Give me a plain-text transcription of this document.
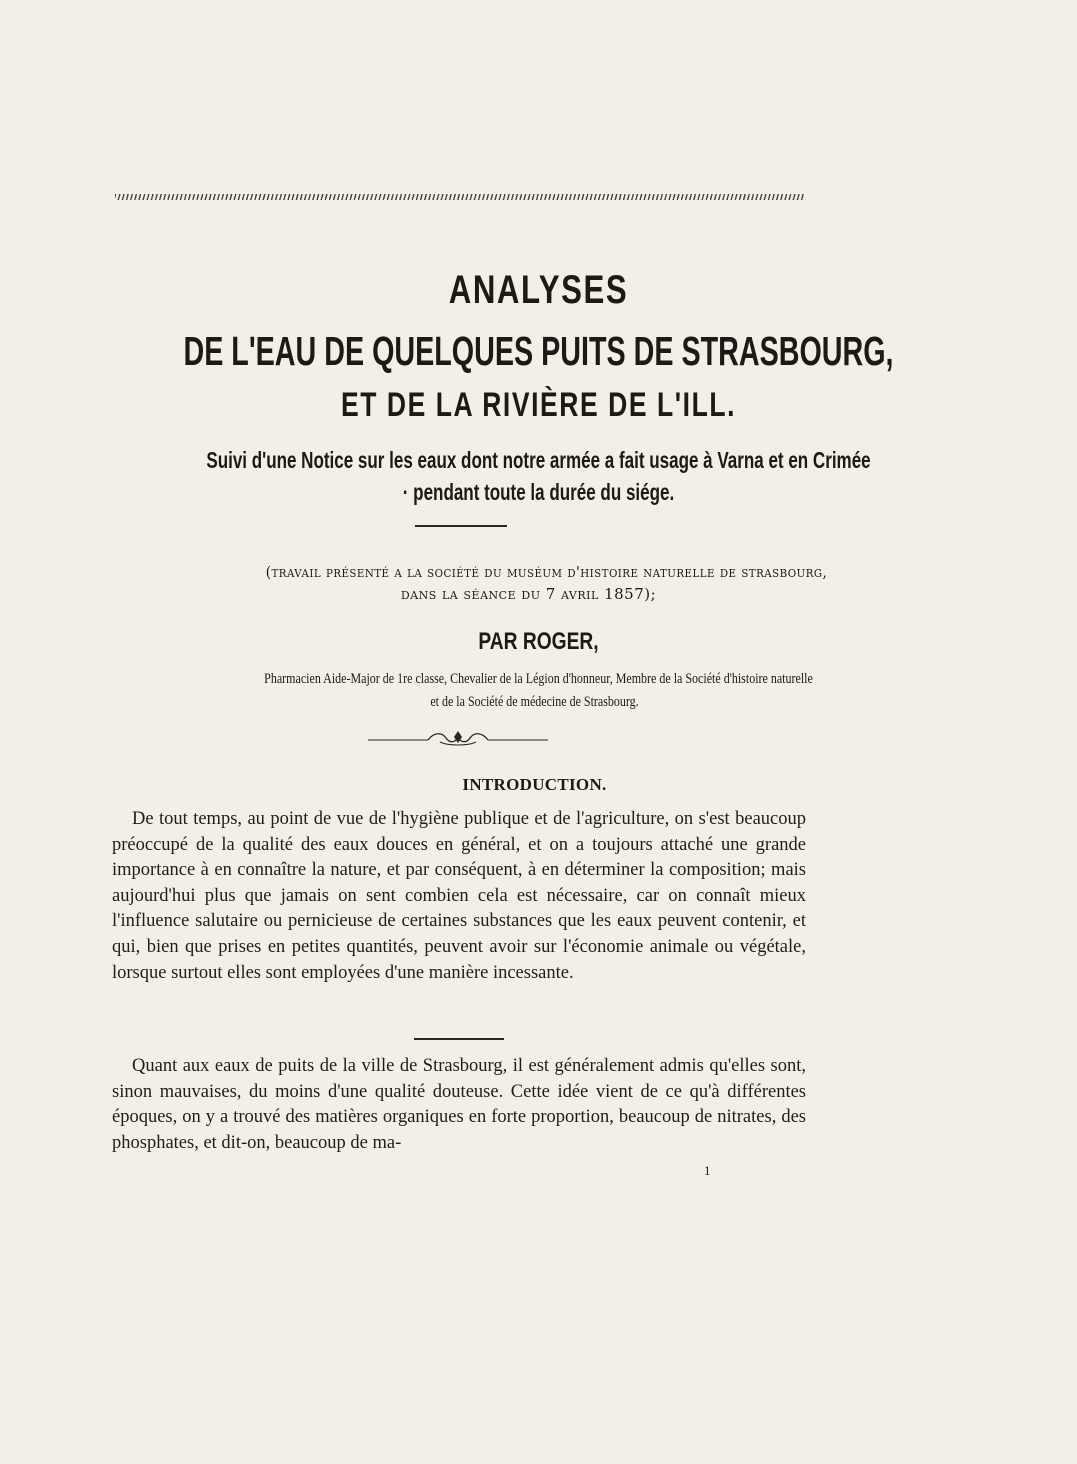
ANALYSES
DE L'EAU DE QUELQUES PUITS DE STRASBOURG,
ET DE LA RIVIÈRE DE L'ILL.
Suivi d'une Notice sur les eaux dont notre armée a fait usage à Varna et en Crimée
· pendant toute la durée du siége.
(travail présenté a la société du muséum d'histoire naturelle de strasbourg,
dans la séance du 7 avril 1857);
PAR ROGER,
Pharmacien Aide-Major de 1re classe, Chevalier de la Légion d'honneur, Membre de la Société d'histoire naturelle
et de la Société de médecine de Strasbourg.
INTRODUCTION.

De tout temps, au point de vue de l'hygiène publique et de l'agriculture, on s'est beaucoup préoccupé de la qualité des eaux douces en général, et on a toujours attaché une grande importance à en connaître la nature, et par conséquent, à en déterminer la composition; mais aujourd'hui plus que jamais on sent combien cela est nécessaire, car on connaît mieux l'influence salutaire ou pernicieuse de certaines substances que les eaux peuvent contenir, et qui, bien que prises en petites quantités, peuvent avoir sur l'économie animale ou végétale, lorsque surtout elles sont employées d'une manière incessante.

Quant aux eaux de puits de la ville de Strasbourg, il est généralement admis qu'elles sont, sinon mauvaises, du moins d'une qualité douteuse. Cette idée vient de ce qu'à différentes époques, on y a trouvé des matières organiques en forte proportion, beaucoup de nitrates, des phosphates, et dit-on, beaucoup de ma-

1
